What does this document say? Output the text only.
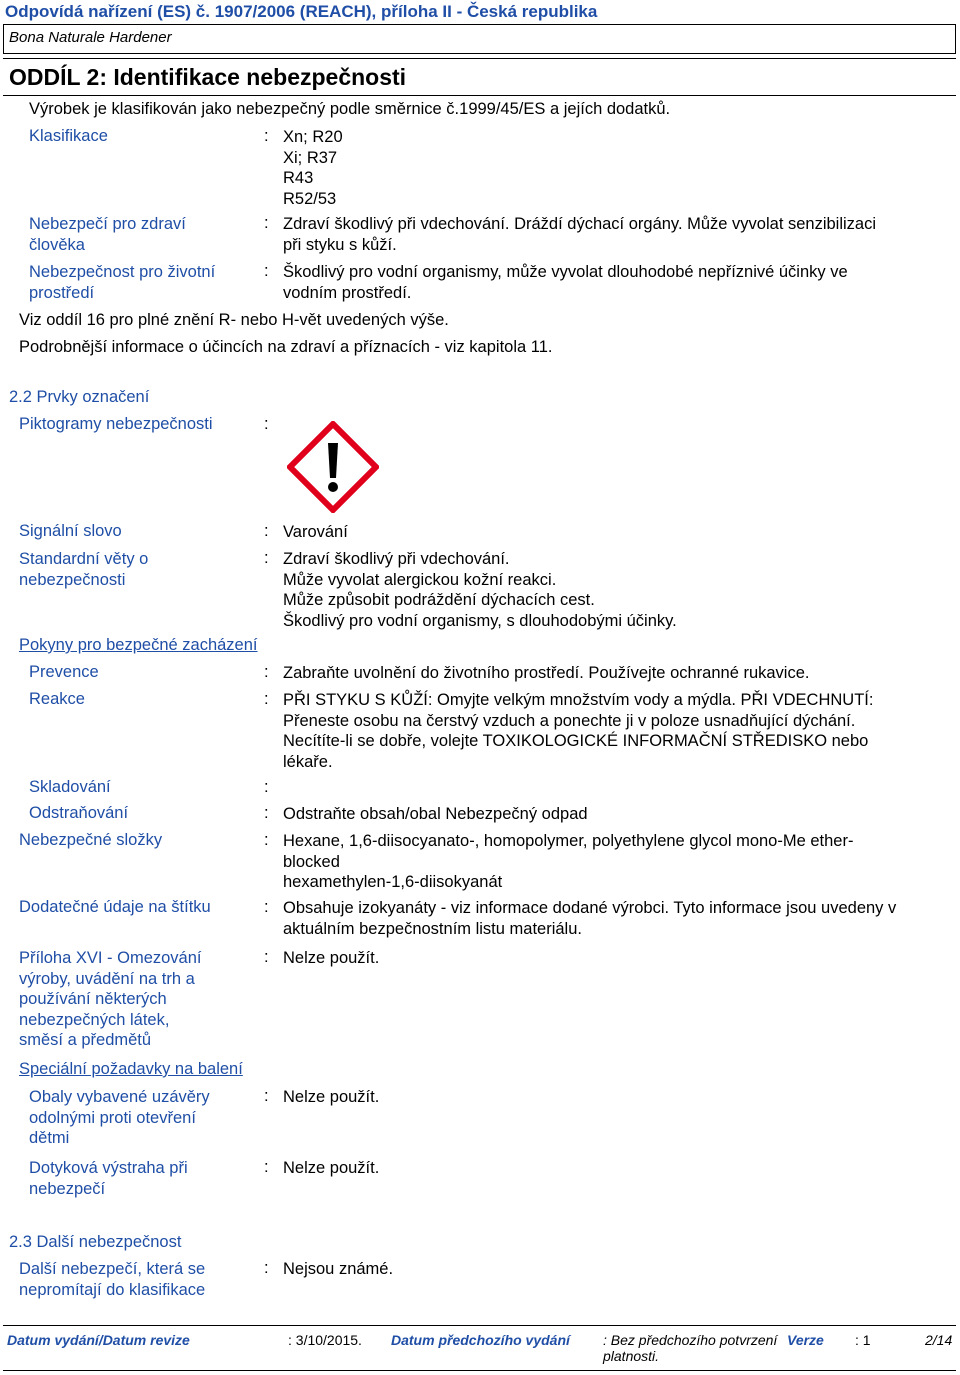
Odpovídá nařízení (ES) č. 1907/2006 (REACH), příloha II - Česká republika
Bona Naturale Hardener
ODDÍL 2: Identifikace nebezpečnosti
Výrobek je klasifikován jako nebezpečný podle směrnice č.1999/45/ES a jejích dodatků.
Klasifikace	: Xn; R20
Xi; R37
R43
R52/53
Nebezpečí pro zdraví
člověka
: Zdraví škodlivý při vdechování. Dráždí dýchací orgány. Může vyvolat senzibilizaci
při styku s kůží.
Nebezpečnost pro životní
prostředí
: Škodlivý pro vodní organismy, může vyvolat dlouhodobé nepříznivé účinky ve
vodním prostředí.
Viz oddíl 16 pro plné znění R- nebo H-vět uvedených výše.
Podrobnější informace o účincích na zdraví a příznacích - viz kapitola 11.
2.2 Prvky označení
Piktogramy nebezpečnosti	:
Signální slovo	: Varování
Standardní věty o
nebezpečnosti
: Zdraví škodlivý při vdechování.
Může vyvolat alergickou kožní reakci.
Může způsobit podráždění dýchacích cest.
Škodlivý pro vodní organismy, s dlouhodobými účinky.
Pokyny pro bezpečné zacházení
Prevence	: Zabraňte uvolnění do životního prostředí. Používejte ochranné rukavice.
Reakce	: PŘI STYKU S KŮŽÍ: Omyjte velkým množstvím vody a mýdla. PŘI VDECHNUTÍ:
Přeneste osobu na čerstvý vzduch a ponechte ji v poloze usnadňující dýchání.
Necítíte-li se dobře, volejte TOXIKOLOGICKÉ INFORMAČNÍ STŘEDISKO nebo
lékaře.
Skladování	:
Odstraňování	: Odstraňte obsah/obal Nebezpečný odpad
Nebezpečné složky	: Hexane, 1,6-diisocyanato-, homopolymer, polyethylene glycol mono-Me ether-
blocked
hexamethylen-1,6-diisokyanát
Dodatečné údaje na štítku	: Obsahuje izokyanáty - viz informace dodané výrobci. Tyto informace jsou uvedeny v
aktuálním bezpečnostním listu materiálu.
Příloha XVI - Omezování
výroby, uvádění na trh a
používání některých
nebezpečných látek,
směsí a předmětů
: Nelze použít.
Speciální požadavky na balení
Obaly vybavené uzávěry
odolnými proti otevření
dětmi
: Nelze použít.
Dotyková výstraha při
nebezpečí
: Nelze použít.
2.3 Další nebezpečnost
Další nebezpečí, která se
nepromítají do klasifikace
: Nejsou známé.
Datum vydání/Datum revize	: 3/10/2015. Datum předchozího vydání : Bez předchozího potvrzení
platnosti.
Verze : 1	2/14
